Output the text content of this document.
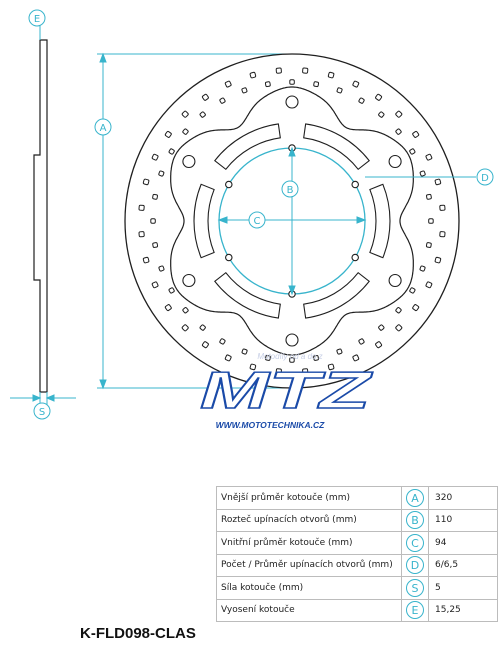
E
S
A
B
C
D
Motodíly od a do z
MTZ
WWW.MOTOTECHNIKA.CZ
Vnější průměr kotouče (mm)	A	320
Rozteč upínacích otvorů (mm)	B	110
Vnitřní průměr kotouče (mm)	C	94
Počet / Průměr upínacích otvorů (mm)	D	6/6,5
Síla kotouče (mm)	S	5
Vyosení kotouče	E	15,25
K-FLD098-CLAS
